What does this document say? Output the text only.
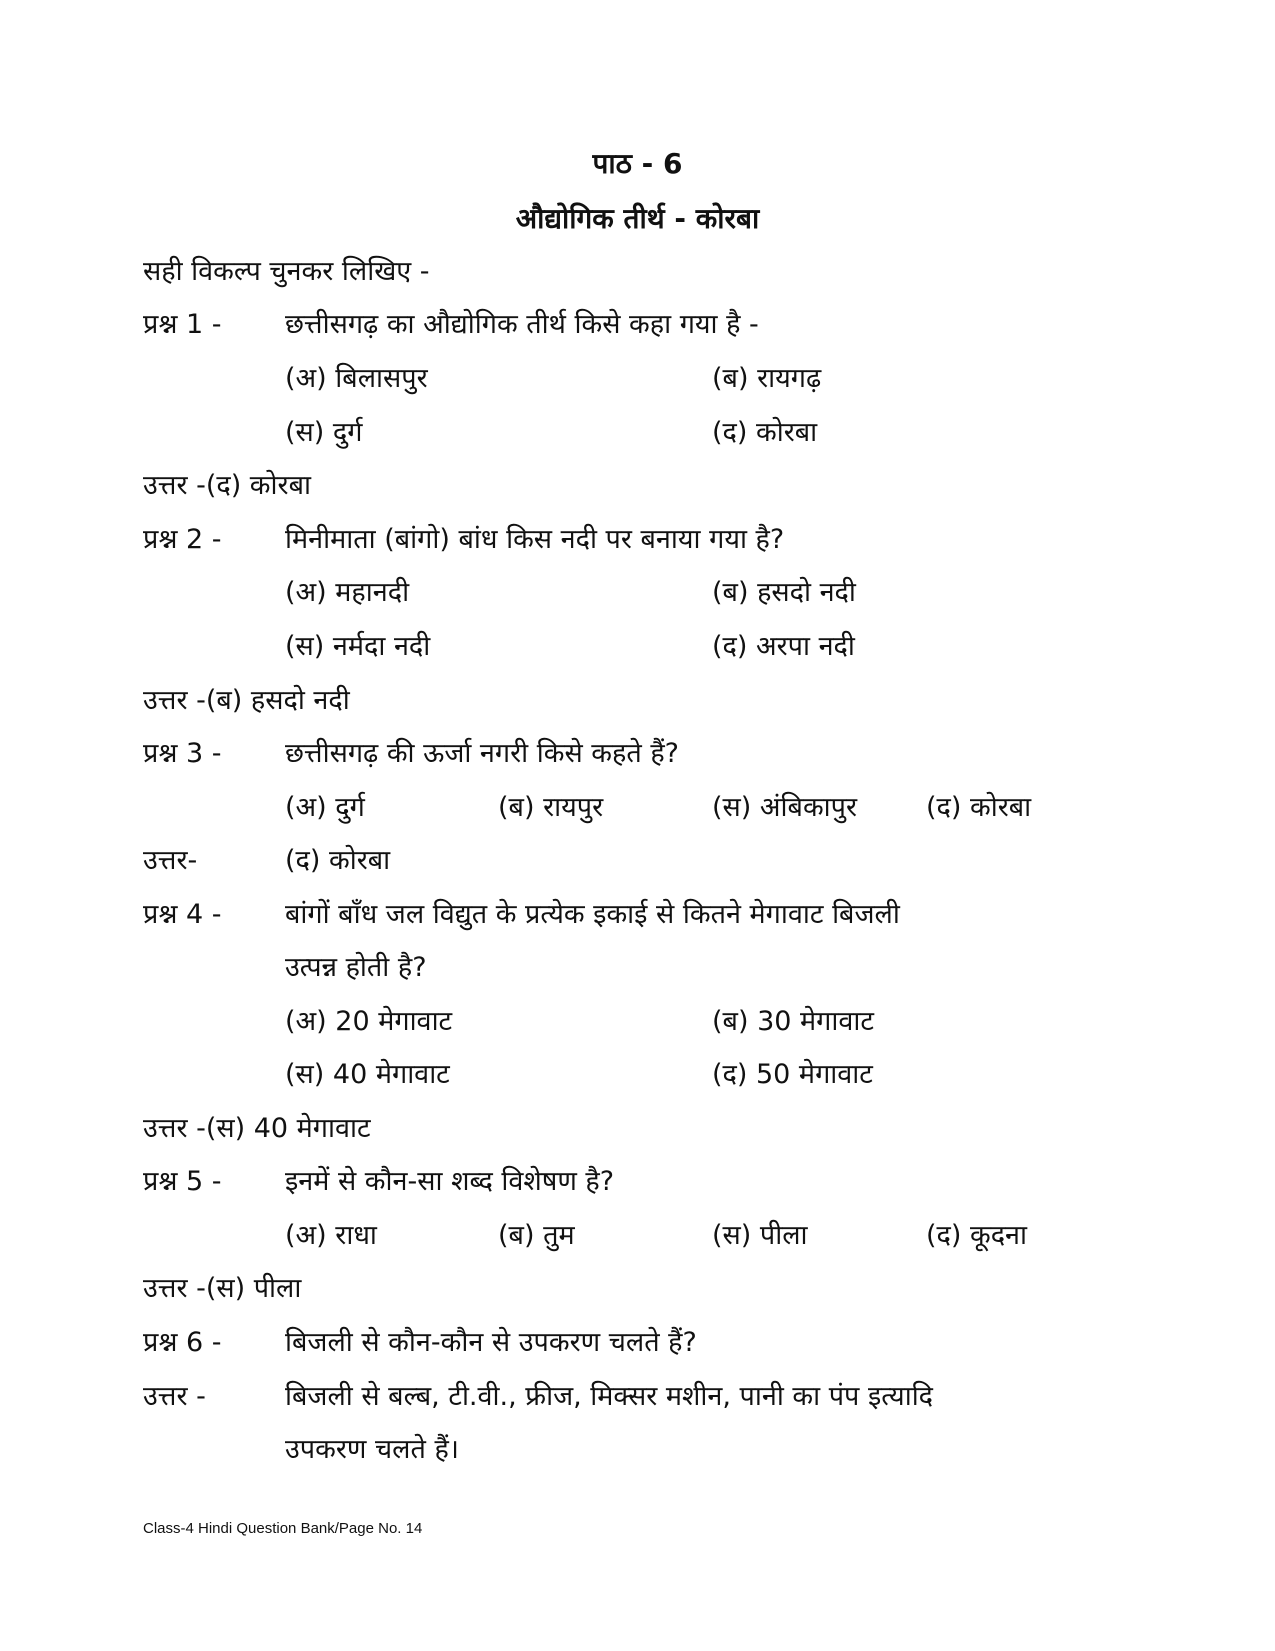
पाठ - 6
औद्योगिक तीर्थ - कोरबा
सही विकल्प चुनकर लिखिए -
प्रश्न 1 - छत्तीसगढ़ का औद्योगिक तीर्थ किसे कहा गया है -
(अ) बिलासपुर	(ब) रायगढ़
(स) दुर्ग	(द) कोरबा
उत्तर -(द) कोरबा
प्रश्न 2 - मिनीमाता (बांगो) बांध किस नदी पर बनाया गया है?
(अ) महानदी	(ब) हसदो नदी
(स) नर्मदा नदी	(द) अरपा नदी
उत्तर -(ब) हसदो नदी
प्रश्न 3 - छत्तीसगढ़ की ऊर्जा नगरी किसे कहते हैं?
(अ) दुर्ग	(ब) रायपुर	(स) अंबिकापुर	(द) कोरबा
उत्तर-	(द) कोरबा
प्रश्न 4 - बांगों बाँध जल विद्युत के प्रत्येक इकाई से कितने मेगावाट बिजली
उत्पन्न होती है?
(अ) 20 मेगावाट	(ब) 30 मेगावाट
(स) 40 मेगावाट	(द) 50 मेगावाट
उत्तर -(स) 40 मेगावाट
प्रश्न 5 - इनमें से कौन-सा शब्द विशेषण है?
(अ) राधा	(ब) तुम	(स) पीला	(द) कूदना
उत्तर -(स) पीला
प्रश्न 6 - बिजली से कौन-कौन से उपकरण चलते हैं?
उत्तर -	बिजली से बल्ब, टी.वी., फ्रीज, मिक्सर मशीन, पानी का पंप इत्यादि
उपकरण चलते हैं।
Class-4 Hindi Question Bank/Page No. 14
